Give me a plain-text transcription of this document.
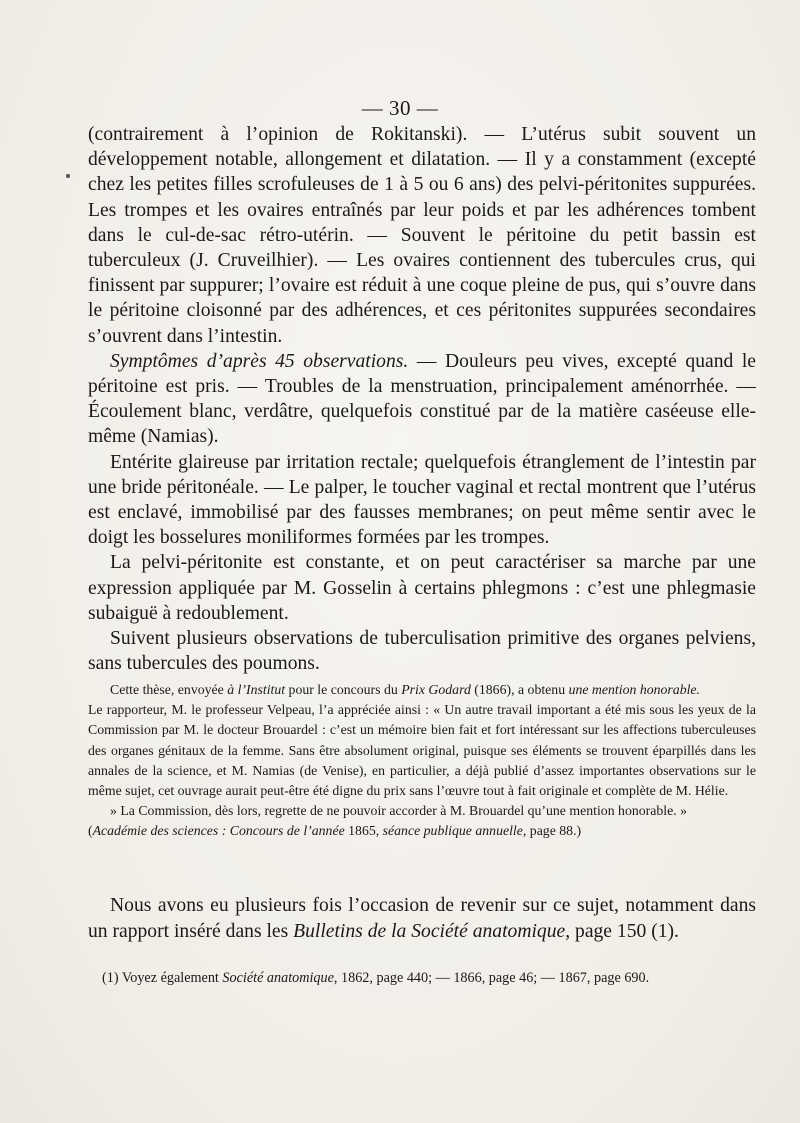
— 30 —

(contrairement à l’opinion de Rokitanski). — L’utérus subit souvent un développement notable, allongement et dilatation. — Il y a constamment (excepté chez les petites filles scrofuleuses de 1 à 5 ou 6 ans) des pelvi-péritonites suppurées. Les trompes et les ovaires entraînés par leur poids et par les adhérences tombent dans le cul-de-sac rétro-utérin. — Souvent le péritoine du petit bassin est tuberculeux (J. Cruveilhier). — Les ovaires contiennent des tubercules crus, qui finissent par suppurer; l’ovaire est réduit à une coque pleine de pus, qui s’ouvre dans le péritoine cloisonné par des adhérences, et ces péritonites suppurées secondaires s’ouvrent dans l’intestin.

Symptômes d’après 45 observations. — Douleurs peu vives, excepté quand le péritoine est pris. — Troubles de la menstruation, principalement aménorrhée. — Écoulement blanc, verdâtre, quelquefois constitué par de la matière caséeuse elle-même (Namias).

Entérite glaireuse par irritation rectale; quelquefois étranglement de l’intestin par une bride péritonéale. — Le palper, le toucher vaginal et rectal montrent que l’utérus est enclavé, immobilisé par des fausses membranes; on peut même sentir avec le doigt les bosselures moniliformes formées par les trompes.

La pelvi-péritonite est constante, et on peut caractériser sa marche par une expression appliquée par M. Gosselin à certains phlegmons : c’est une phlegmasie subaiguë à redoublement.

Suivent plusieurs observations de tuberculisation primitive des organes pelviens, sans tubercules des poumons.

Cette thèse, envoyée à l’Institut pour le concours du Prix Godard (1866), a obtenu une mention honorable.

Le rapporteur, M. le professeur Velpeau, l’a appréciée ainsi : « Un autre travail important a été mis sous les yeux de la Commission par M. le docteur Brouardel : c’est un mémoire bien fait et fort intéressant sur les affections tuberculeuses des organes génitaux de la femme. Sans être absolument original, puisque ses éléments se trouvent éparpillés dans les annales de la science, et M. Namias (de Venise), en particulier, a déjà publié d’assez importantes observations sur le même sujet, cet ouvrage aurait peut-être été digne du prix sans l’œuvre tout à fait originale et complète de M. Hélie.

» La Commission, dès lors, regrette de ne pouvoir accorder à M. Brouardel qu’une mention honorable. »

(Académie des sciences : Concours de l’année 1865, séance publique annuelle, page 88.)

Nous avons eu plusieurs fois l’occasion de revenir sur ce sujet, notamment dans un rapport inséré dans les Bulletins de la Société anatomique, page 150 (1).

(1) Voyez également Société anatomique, 1862, page 440; — 1866, page 46; — 1867, page 690.
